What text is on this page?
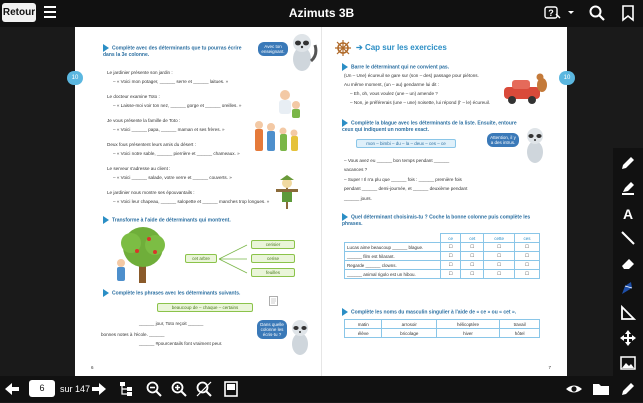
Retour	Azimuts 3B	?
10
Complète avec des déterminants que tu pourras écrire dans la 3e colonne.
Avec ton enseignant.
Le jardinier présente son jardin :
– « Voici mon potager, ______ serre et ______ laitues. »
Le docteur examine Toto :
– « Laisse-moi voir ton nez, ______ gorge et ______ oreilles. »
Je vous présente la famille de Toto :
– « Voici ______ papa, ______ maman et ses frères. »
Deux fous présentent leurs amis du désert :
– « Voici notre sable, ______ pierrière et ______ chameaux. »
Le serveur s'adresse au client :
– « Voici ______ salade, votre verre et ______ couverts. »
Le jardinier nous montre ses épouvantails :
– « Voici leur chapeau, ______ salopette et ______ manches trop longues. »
Transforme à l'aide de déterminants qui montrent.
cet arbre
cerisier
cerise
feuilles
Complète les phrases avec les déterminants suivants.
beaucoup de – chaque – certains
______ jour, Toto reçoit ______
bonnes notes à l'école. ______
______ #pourcentails font vraiment peur.
Dans quelle colonne les écris-tu ?
6
10
➔ Cap sur les exercices
Barre le déterminant qui ne convient pas.
(Un – Une) écureuil se gare sur (son – des) passage pour piétons.
Au même moment, (un – au) gendarme lui dit :
– Eh, oh, vous voulez (une – un) amende ?
– Non, je préférerais (une – une) noisette, lui répond (l' – le) écureuil.
Complète la blague avec les déterminants de la liste. Ensuite, entoure ceux qui indiquent un nombre exact.
mon – bimbi – du – la – deux – ces – ce
Attention, il y a des intrus.
– Vous avez eu ______ bon temps pendant ______
vacances ?
– Super ! Il n'a plu que ______ fois : ______ première fois
pendant ______ demi-journée, et ______ deuxième pendant
______ jours.
Quel déterminant choisirais-tu ? Coche la bonne colonne puis complète les phrases.
	ce	cet	cette	ces
Lucas aime beaucoup ______ blague.	☐	☐	☐	☐
______ film est hilarant.	☐	☐	☐	☐
Regarde ______ clowns.	☐	☐	☐	☐
______ animal rigolo est un hibou.	☐	☐	☐	☐
Complète les noms du masculin singulier à l'aide de « ce » ou « cet ».
matin	arrosoir	hélicoptère	travail
élève	bricolage	hiver	hôtel
7
A
6	sur 147
